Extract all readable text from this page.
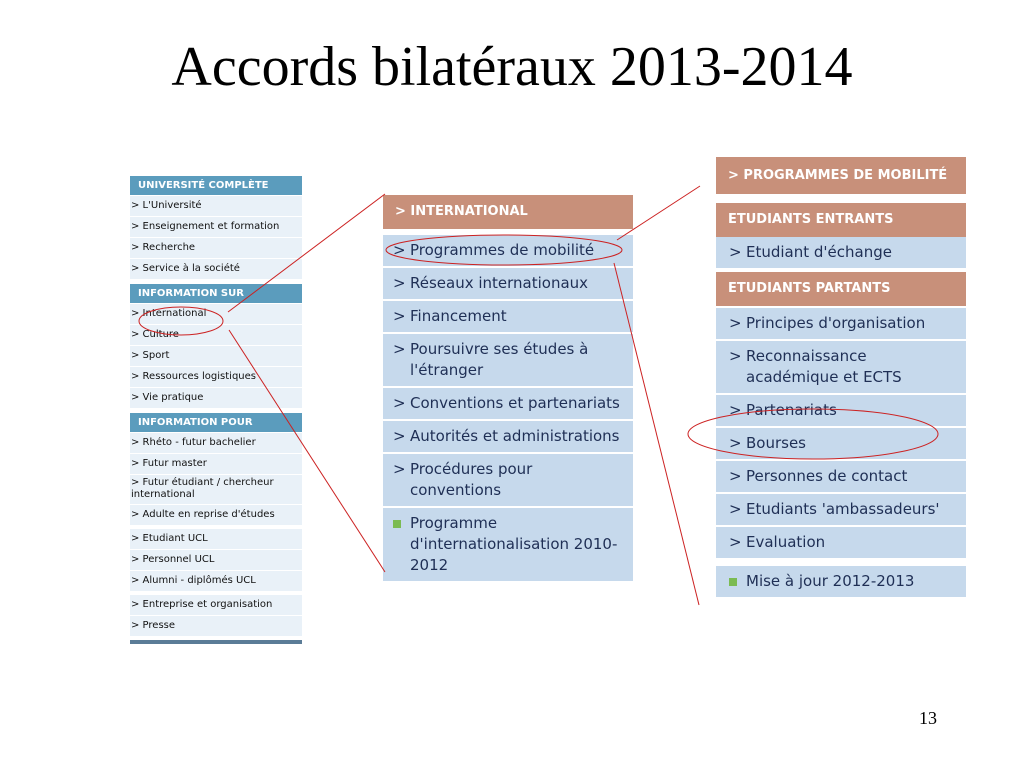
Accords bilatéraux 2013-2014
UNIVERSITÉ COMPLÈTE
> L'Université
> Enseignement et formation
> Recherche
> Service à la société
INFORMATION SUR
> International
> Culture
> Sport
> Ressources logistiques
> Vie pratique
INFORMATION POUR
> Rhéto - futur bachelier
> Futur master
> Futur étudiant / chercheur international
> Adulte en reprise d'études
> Etudiant UCL
> Personnel UCL
> Alumni - diplômés UCL
> Entreprise et organisation
> Presse
> INTERNATIONAL
> Programmes de mobilité
> Réseaux internationaux
> Financement
> Poursuivre ses études à l'étranger
> Conventions et partenariats
> Autorités et administrations
> Procédures pour conventions
Programme d'internationalisation 2010-2012
> PROGRAMMES DE MOBILITÉ
ETUDIANTS ENTRANTS
> Etudiant d'échange
ETUDIANTS PARTANTS
> Principes d'organisation
> Reconnaissance académique et ECTS
> Partenariats
> Bourses
> Personnes de contact
> Etudiants 'ambassadeurs'
> Evaluation
Mise à jour 2012-2013
13
